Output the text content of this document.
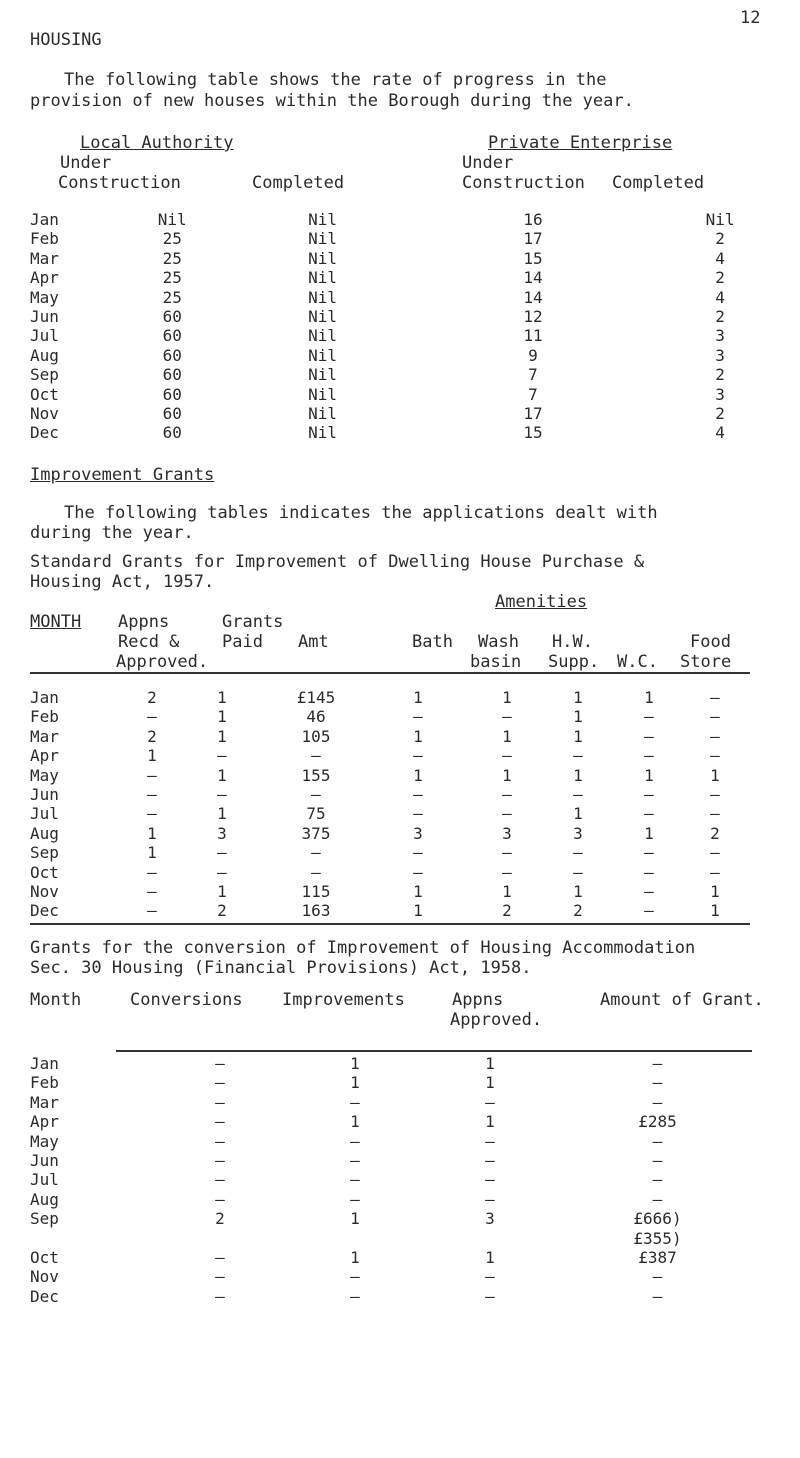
HOUSING
12
The following table shows the rate of progress in the
provision of new houses within the Borough during the year.
Local Authority	Private Enterprise
Under
Construction	Completed
Under
Construction Completed
Jan	Nil	Nil	16	Nil
Feb	25	Nil	17	2
Mar	25	Nil	15	4
Apr	25	Nil	14	2
May	25	Nil	14	4
Jun	60	Nil	12	2
Jul	60	Nil	11	3
Aug	60	Nil	9	3
Sep	60	Nil	7	2
Oct	60	Nil	7	3
Nov	60	Nil	17	2
Dec	60	Nil	15	4
Improvement Grants
The following tables indicates the applications dealt with
during the year.
Standard Grants for Improvement of Dwelling House Purchase &
Housing Act, 1957.
Amenities
MONTH Appns
Recd &
Approved.
Grants
Paid Amt	Bath Wash
basin
H.W.
Supp. W.C.
Food
Store
Jan	2	1	£145	1	1	1	1	–
Feb	–	1	46	–	–	1	–	–
Mar	2	1	105	1	1	1	–	–
Apr	1	–	–	–	–	–	–	–
May	–	1	155	1	1	1	1	1
Jun	–	–	–	–	–	–	–	–
Jul	–	1	75	–	–	1	–	–
Aug	1	3	375	3	3	3	1	2
Sep	1	–	–	–	–	–	–	–
Oct	–	–	–	–	–	–	–	–
Nov	–	1	115	1	1	1	–	1
Dec	–	2	163	1	2	2	–	1
Grants for the conversion of Improvement of Housing Accommodation
Sec. 30 Housing (Financial Provisions) Act, 1958.
Month	Conversions Improvements	Appns
Approved.
Amount of Grant.
Jan	–	1	1	–
Feb	–	1	1	–
Mar	–	–	–	–
Apr	–	1	1	£285
May	–	–	–	–
Jun	–	–	–	–
Jul	–	–	–	–
Aug	–	–	–	–
Sep	2	1	3	£666)
				£355)
Oct	–	1	1	£387
Nov	–	–	–	–
Dec	–	–	–	–
